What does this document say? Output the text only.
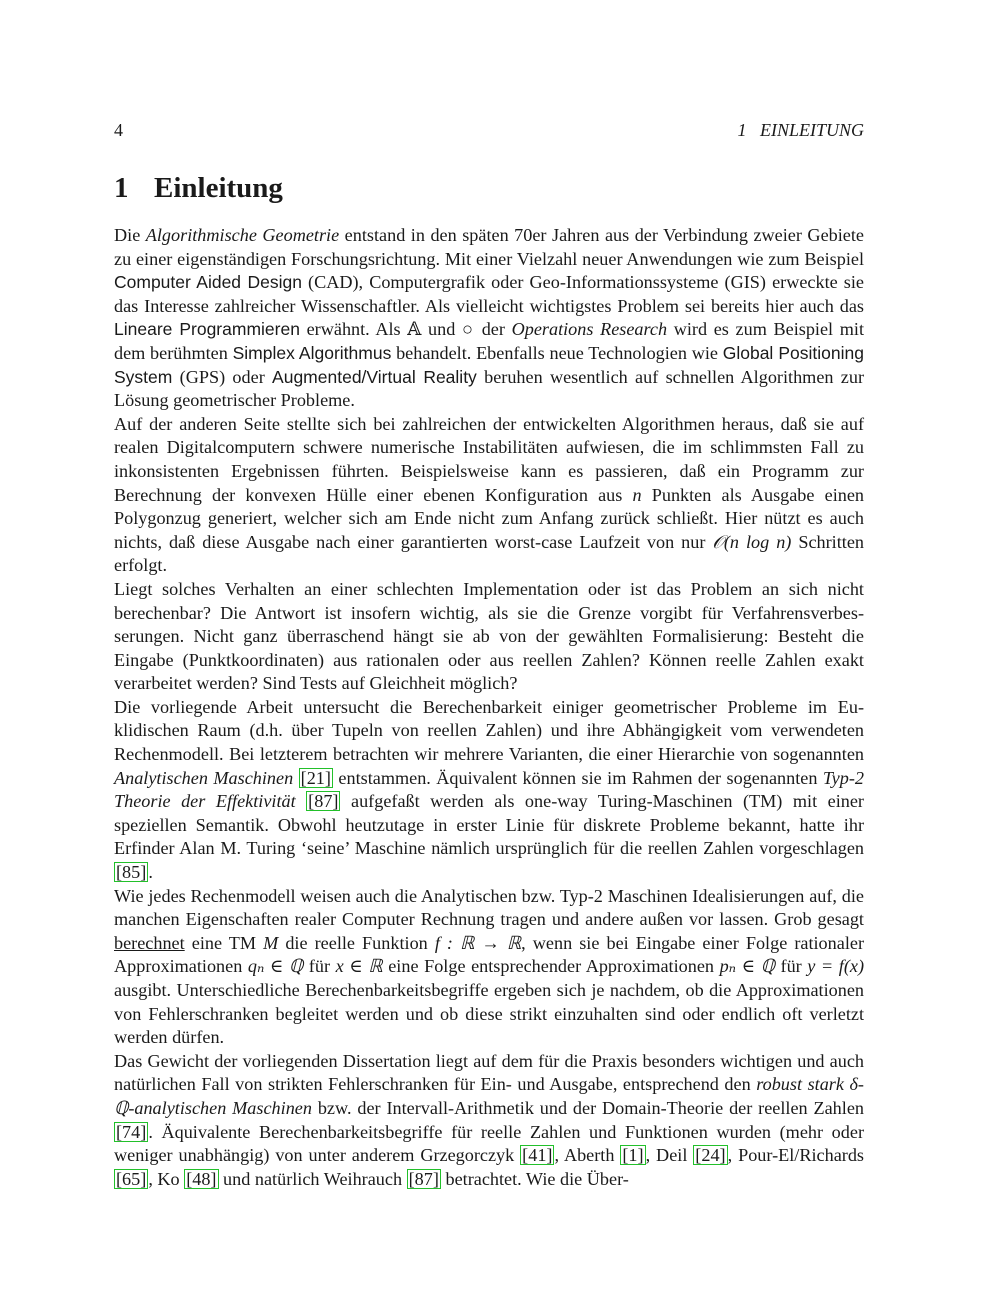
4	1   EINLEITUNG
1 Einleitung

Die Algorithmische Geometrie entstand in den späten 70er Jahren aus der Verbindung zweier Gebiete zu einer eigenständigen Forschungsrichtung. Mit einer Vielzahl neuer Anwendungen wie zum Beispiel Computer Aided Design (CAD), Computergrafik oder Geo-Informationssysteme (GIS) erweckte sie das Interesse zahlreicher Wissenschaftler. Als vielleicht wichtigstes Problem sei bereits hier auch das Lineare Programmieren erwähnt. Als 𝔸 und ○ der Operations Research wird es zum Beispiel mit dem berühmten Simplex Algorithmus behandelt. Ebenfalls neue Technologien wie Global Positioning System (GPS) oder Augmented/Virtual Reality beruhen wesentlich auf schnellen Algorithmen zur Lösung geometrischer Probleme.

Auf der anderen Seite stellte sich bei zahlreichen der entwickelten Algorithmen heraus, daß sie auf realen Digitalcomputern schwere numerische Instabilitäten aufwiesen, die im schlimmsten Fall zu inkonsistenten Ergebnissen führten. Beispielsweise kann es passieren, daß ein Programm zur Berechnung der konvexen Hülle einer ebenen Konfiguration aus n Punkten als Ausgabe einen Polygonzug generiert, welcher sich am Ende nicht zum Anfang zurück schließt. Hier nützt es auch nichts, daß diese Ausgabe nach einer garantierten worst-case Laufzeit von nur 𝒪(n log n) Schritten erfolgt.

Liegt solches Verhalten an einer schlechten Implementation oder ist das Problem an sich nicht berechenbar? Die Antwort ist insofern wichtig, als sie die Grenze vorgibt für Verfahrensverbesserungen. Nicht ganz überraschend hängt sie ab von der gewählten Formalisierung: Besteht die Eingabe (Punktkoordinaten) aus rationalen oder aus reellen Zahlen? Können reelle Zahlen exakt verarbeitet werden? Sind Tests auf Gleichheit möglich?

Die vorliegende Arbeit untersucht die Berechenbarkeit einiger geometrischer Probleme im Euklidischen Raum (d.h. über Tupeln von reellen Zahlen) und ihre Abhängigkeit vom verwendeten Rechenmodell. Bei letzterem betrachten wir mehrere Varianten, die einer Hierarchie von sogenannten Analytischen Maschinen [21] entstammen. Äquivalent können sie im Rahmen der sogenannten Typ-2 Theorie der Effektivität [87] aufgefaßt werden als one-way Turing-Maschinen (TM) mit einer speziellen Semantik. Obwohl heutzutage in erster Linie für diskrete Probleme bekannt, hatte ihr Erfinder Alan M. Turing ‘seine’ Maschine nämlich ursprünglich für die reellen Zahlen vorgeschlagen [85] .

Wie jedes Rechenmodell weisen auch die Analytischen bzw. Typ-2 Maschinen Idealisierungen auf, die manchen Eigenschaften realer Computer Rechnung tragen und andere außen vor lassen. Grob gesagt berechnet eine TM M die reelle Funktion f : ℝ → ℝ, wenn sie bei Eingabe einer Folge rationaler Approximationen qₙ ∈ ℚ für x ∈ ℝ eine Folge entsprechender Approximationen pₙ ∈ ℚ für y = f(x) ausgibt. Unterschiedliche Berechenbarkeitsbegriffe ergeben sich je nachdem, ob die Approximationen von Fehlerschranken begleitet werden und ob diese strikt einzuhalten sind oder endlich oft verletzt werden dürfen.

Das Gewicht der vorliegenden Dissertation liegt auf dem für die Praxis besonders wichtigen und auch natürlichen Fall von strikten Fehlerschranken für Ein- und Ausgabe, entsprechend den robust stark δ-ℚ-analytischen Maschinen bzw. der Intervall-Arithmetik und der Domain-Theorie der reellen Zahlen [74] . Äquivalente Berechenbarkeitsbegriffe für reelle Zahlen und Funktionen wurden (mehr oder weniger unabhängig) von unter anderem Grzegorczyk [41] , Aberth [1] , Deil [24] , Pour-El/Richards [65] , Ko [48] und natürlich Weihrauch [87] betrachtet. Wie die Über-
